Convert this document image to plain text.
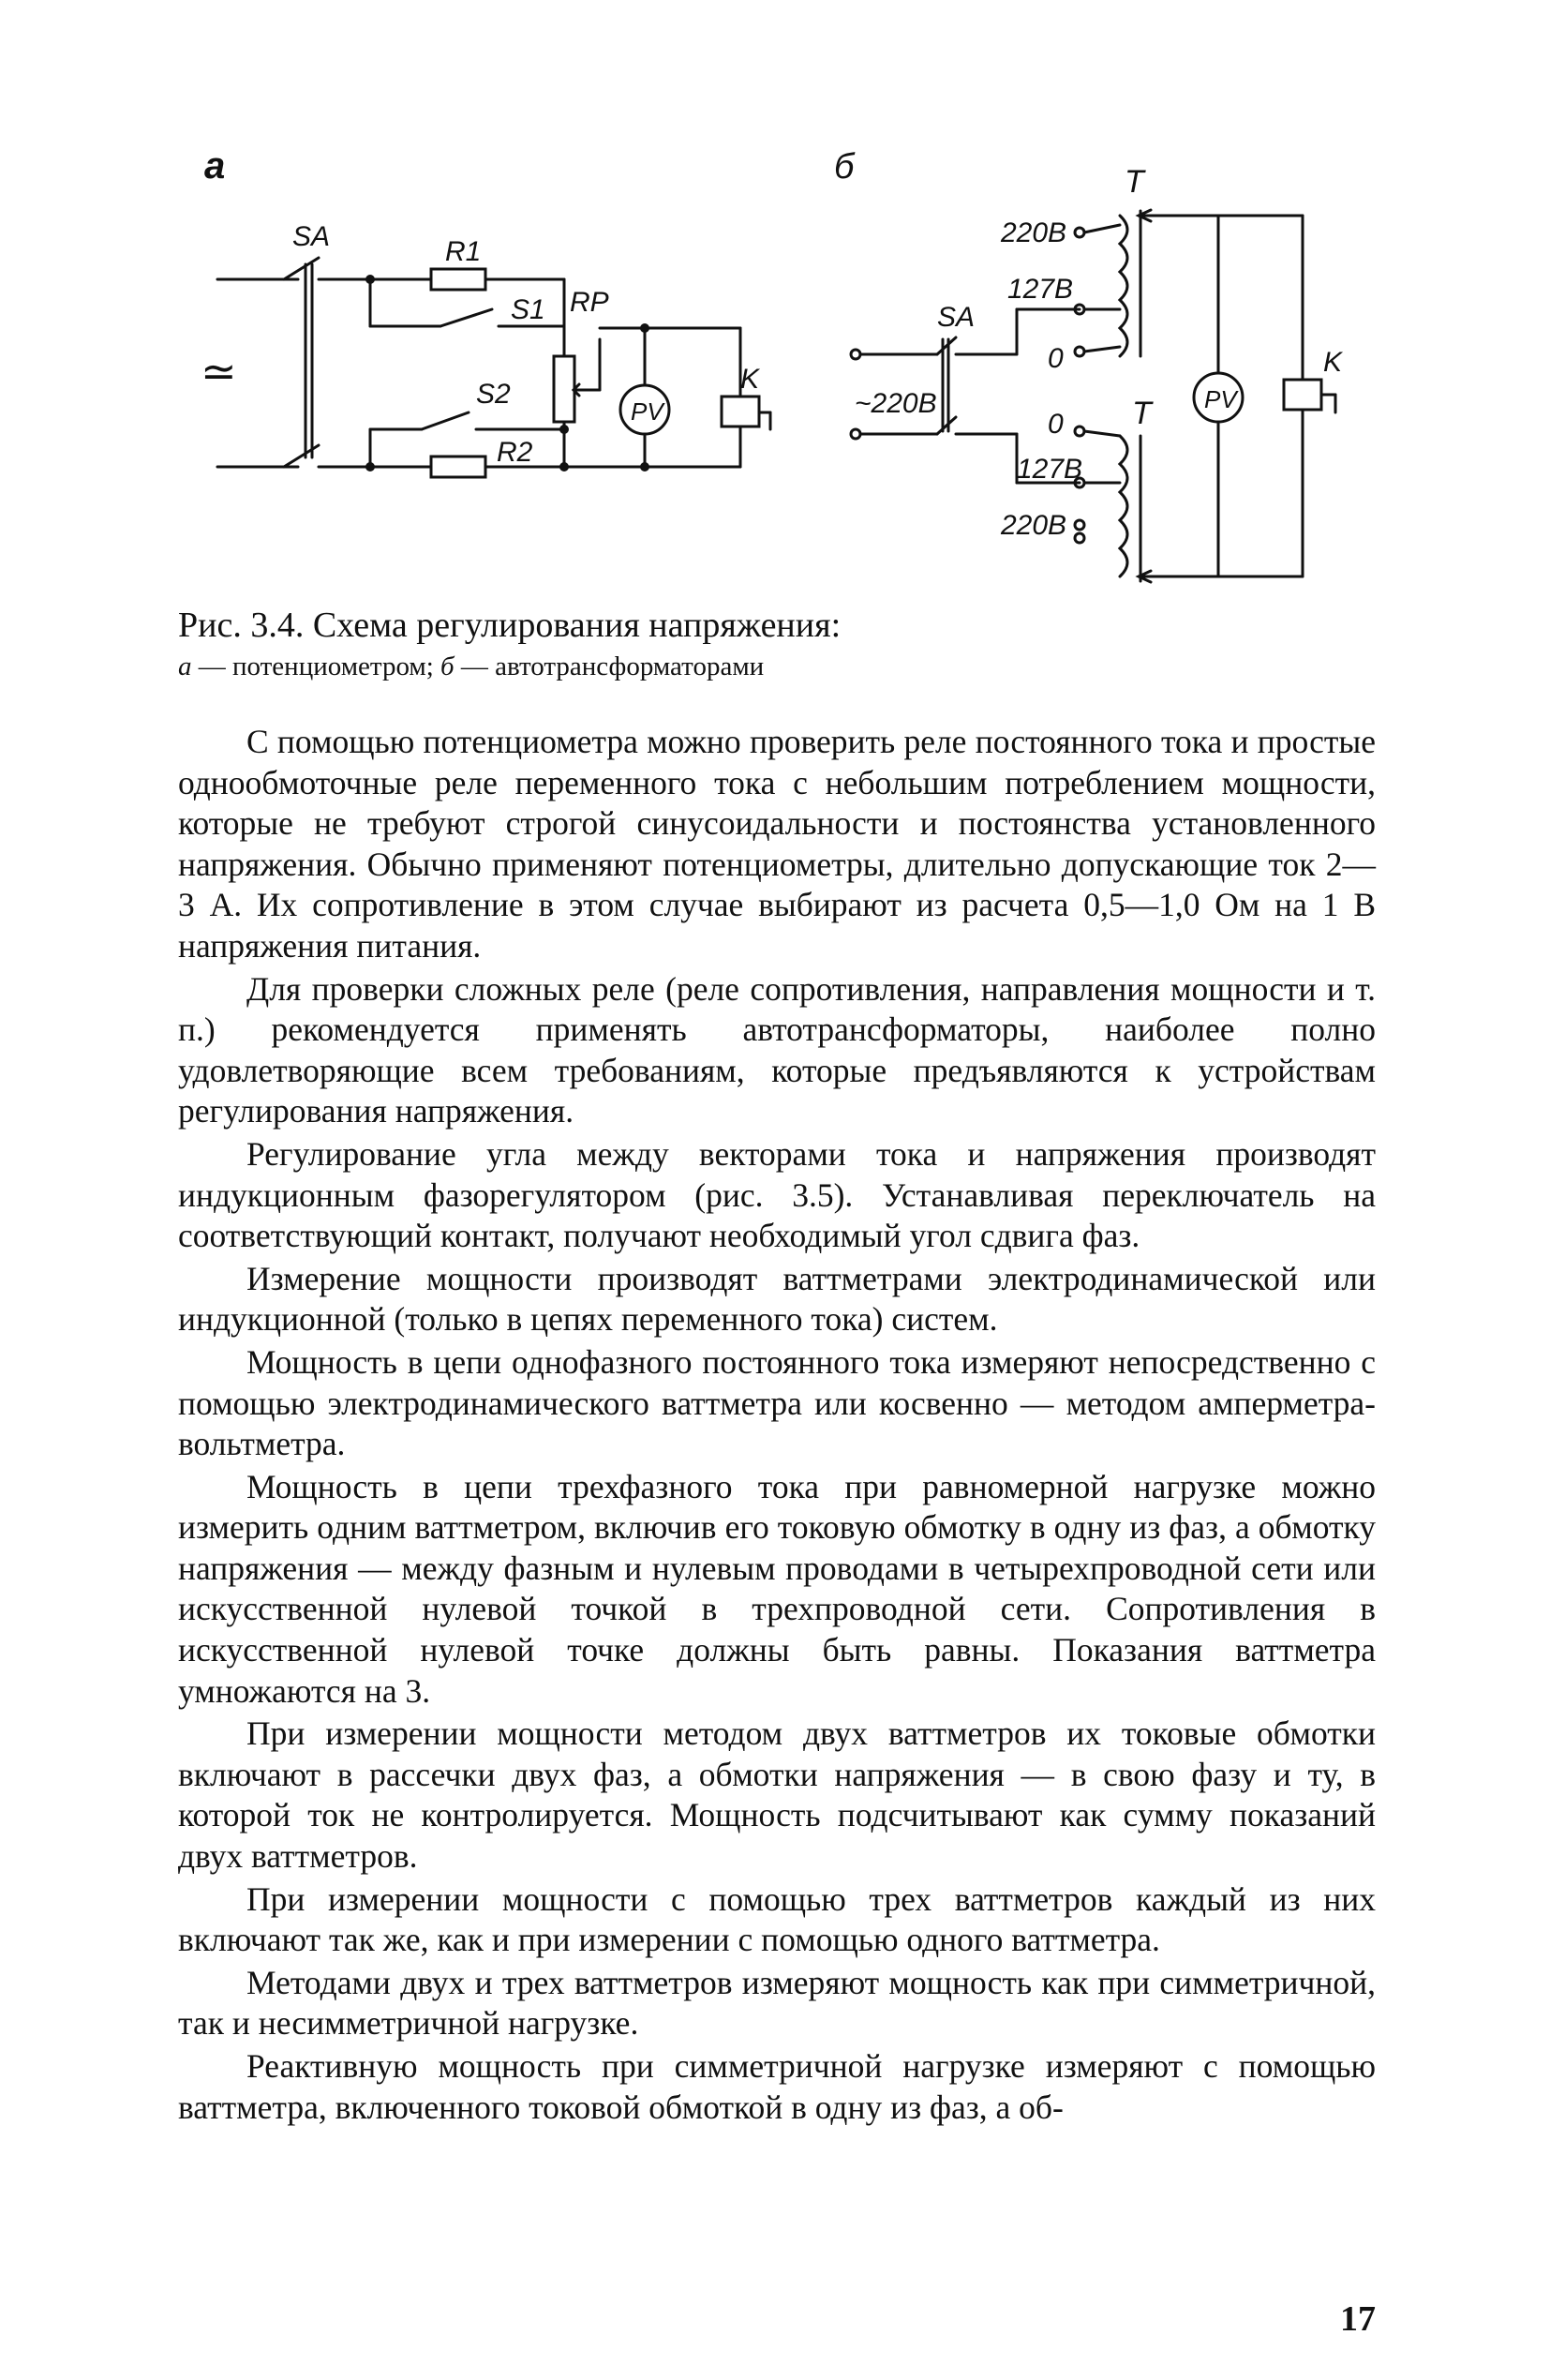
а
≃
SA	R1
S1 RP
S2
R2
PV
K
б	T
T
SA
~220В
220В
127В
0
0
127В
220В
PV
K

Рис. 3.4. Схема регулирования напряжения:

а — потенциометром; б — автотрансформаторами

С помощью потенциометра можно проверить реле постоянного тока и простые однообмоточные реле переменного тока с небольшим потреблением мощности, которые не требуют строгой синусоидальности и постоянства установленного напряжения. Обычно применяют потенциометры, длительно допускающие ток 2—3 А. Их сопротивление в этом случае выбирают из расчета 0,5—1,0 Ом на 1 В напряжения питания.

Для проверки сложных реле (реле сопротивления, направления мощности и т. п.) рекомендуется применять автотрансформаторы, наиболее полно удовлетворяющие всем требованиям, которые предъявляются к устройствам регулирования напряжения.

Регулирование угла между векторами тока и напряжения производят индукционным фазорегулятором (рис. 3.5). Устанавливая переключатель на соответствующий контакт, получают необходимый угол сдвига фаз.

Измерение мощности производят ваттметрами электродинамической или индукционной (только в цепях переменного тока) систем.

Мощность в цепи однофазного постоянного тока измеряют непосредственно с помощью электродинамического ваттметра или косвенно — методом амперметра-вольтметра.

Мощность в цепи трехфазного тока при равномерной нагрузке можно измерить одним ваттметром, включив его токовую обмотку в одну из фаз, а обмотку напряжения — между фазным и нулевым проводами в четырехпроводной сети или искусственной нулевой точкой в трехпроводной сети. Сопротивления в искусственной нулевой точке должны быть равны. Показания ваттметра умножаются на 3.

При измерении мощности методом двух ваттметров их токовые обмотки включают в рассечки двух фаз, а обмотки напряжения — в свою фазу и ту, в которой ток не контролируется. Мощность подсчитывают как сумму показаний двух ваттметров.

При измерении мощности с помощью трех ваттметров каждый из них включают так же, как и при измерении с помощью одного ваттметра.

Методами двух и трех ваттметров измеряют мощность как при симметричной, так и несимметричной нагрузке.

Реактивную мощность при симметричной нагрузке измеряют с помощью ваттметра, включенного токовой обмоткой в одну из фаз, а об-

17
